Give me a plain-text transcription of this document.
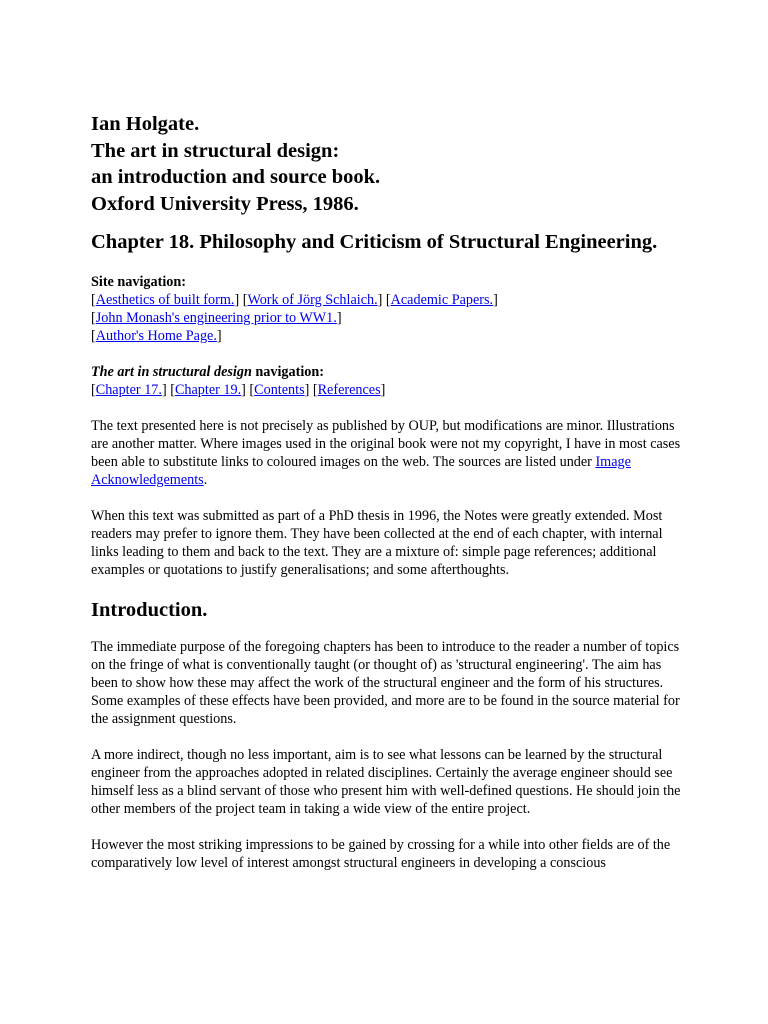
Ian Holgate.
The art in structural design:
an introduction and source book.
Oxford University Press, 1986.
Chapter 18. Philosophy and Criticism of Structural Engineering.
Site navigation:
[Aesthetics of built form.] [Work of Jörg Schlaich.] [Academic Papers.]
[John Monash's engineering prior to WW1.]
[Author's Home Page.]
The art in structural design navigation:
[Chapter 17.] [Chapter 19.] [Contents] [References]

The text presented here is not precisely as published by OUP, but modifications are minor. Illustrations are another matter. Where images used in the original book were not my copyright, I have in most cases been able to substitute links to coloured images on the web. The sources are listed under Image Acknowledgements.

When this text was submitted as part of a PhD thesis in 1996, the Notes were greatly extended. Most readers may prefer to ignore them. They have been collected at the end of each chapter, with internal links leading to them and back to the text. They are a mixture of: simple page references; additional examples or quotations to justify generalisations; and some afterthoughts.

Introduction.

The immediate purpose of the foregoing chapters has been to introduce to the reader a number of topics on the fringe of what is conventionally taught (or thought of) as 'structural engineering'. The aim has been to show how these may affect the work of the structural engineer and the form of his structures. Some examples of these effects have been provided, and more are to be found in the source material for the assignment questions.

A more indirect, though no less important, aim is to see what lessons can be learned by the structural engineer from the approaches adopted in related disciplines. Certainly the average engineer should see himself less as a blind servant of those who present him with well-defined questions. He should join the other members of the project team in taking a wide view of the entire project.

However the most striking impressions to be gained by crossing for a while into other fields are of the comparatively low level of interest amongst structural engineers in developing a conscious
